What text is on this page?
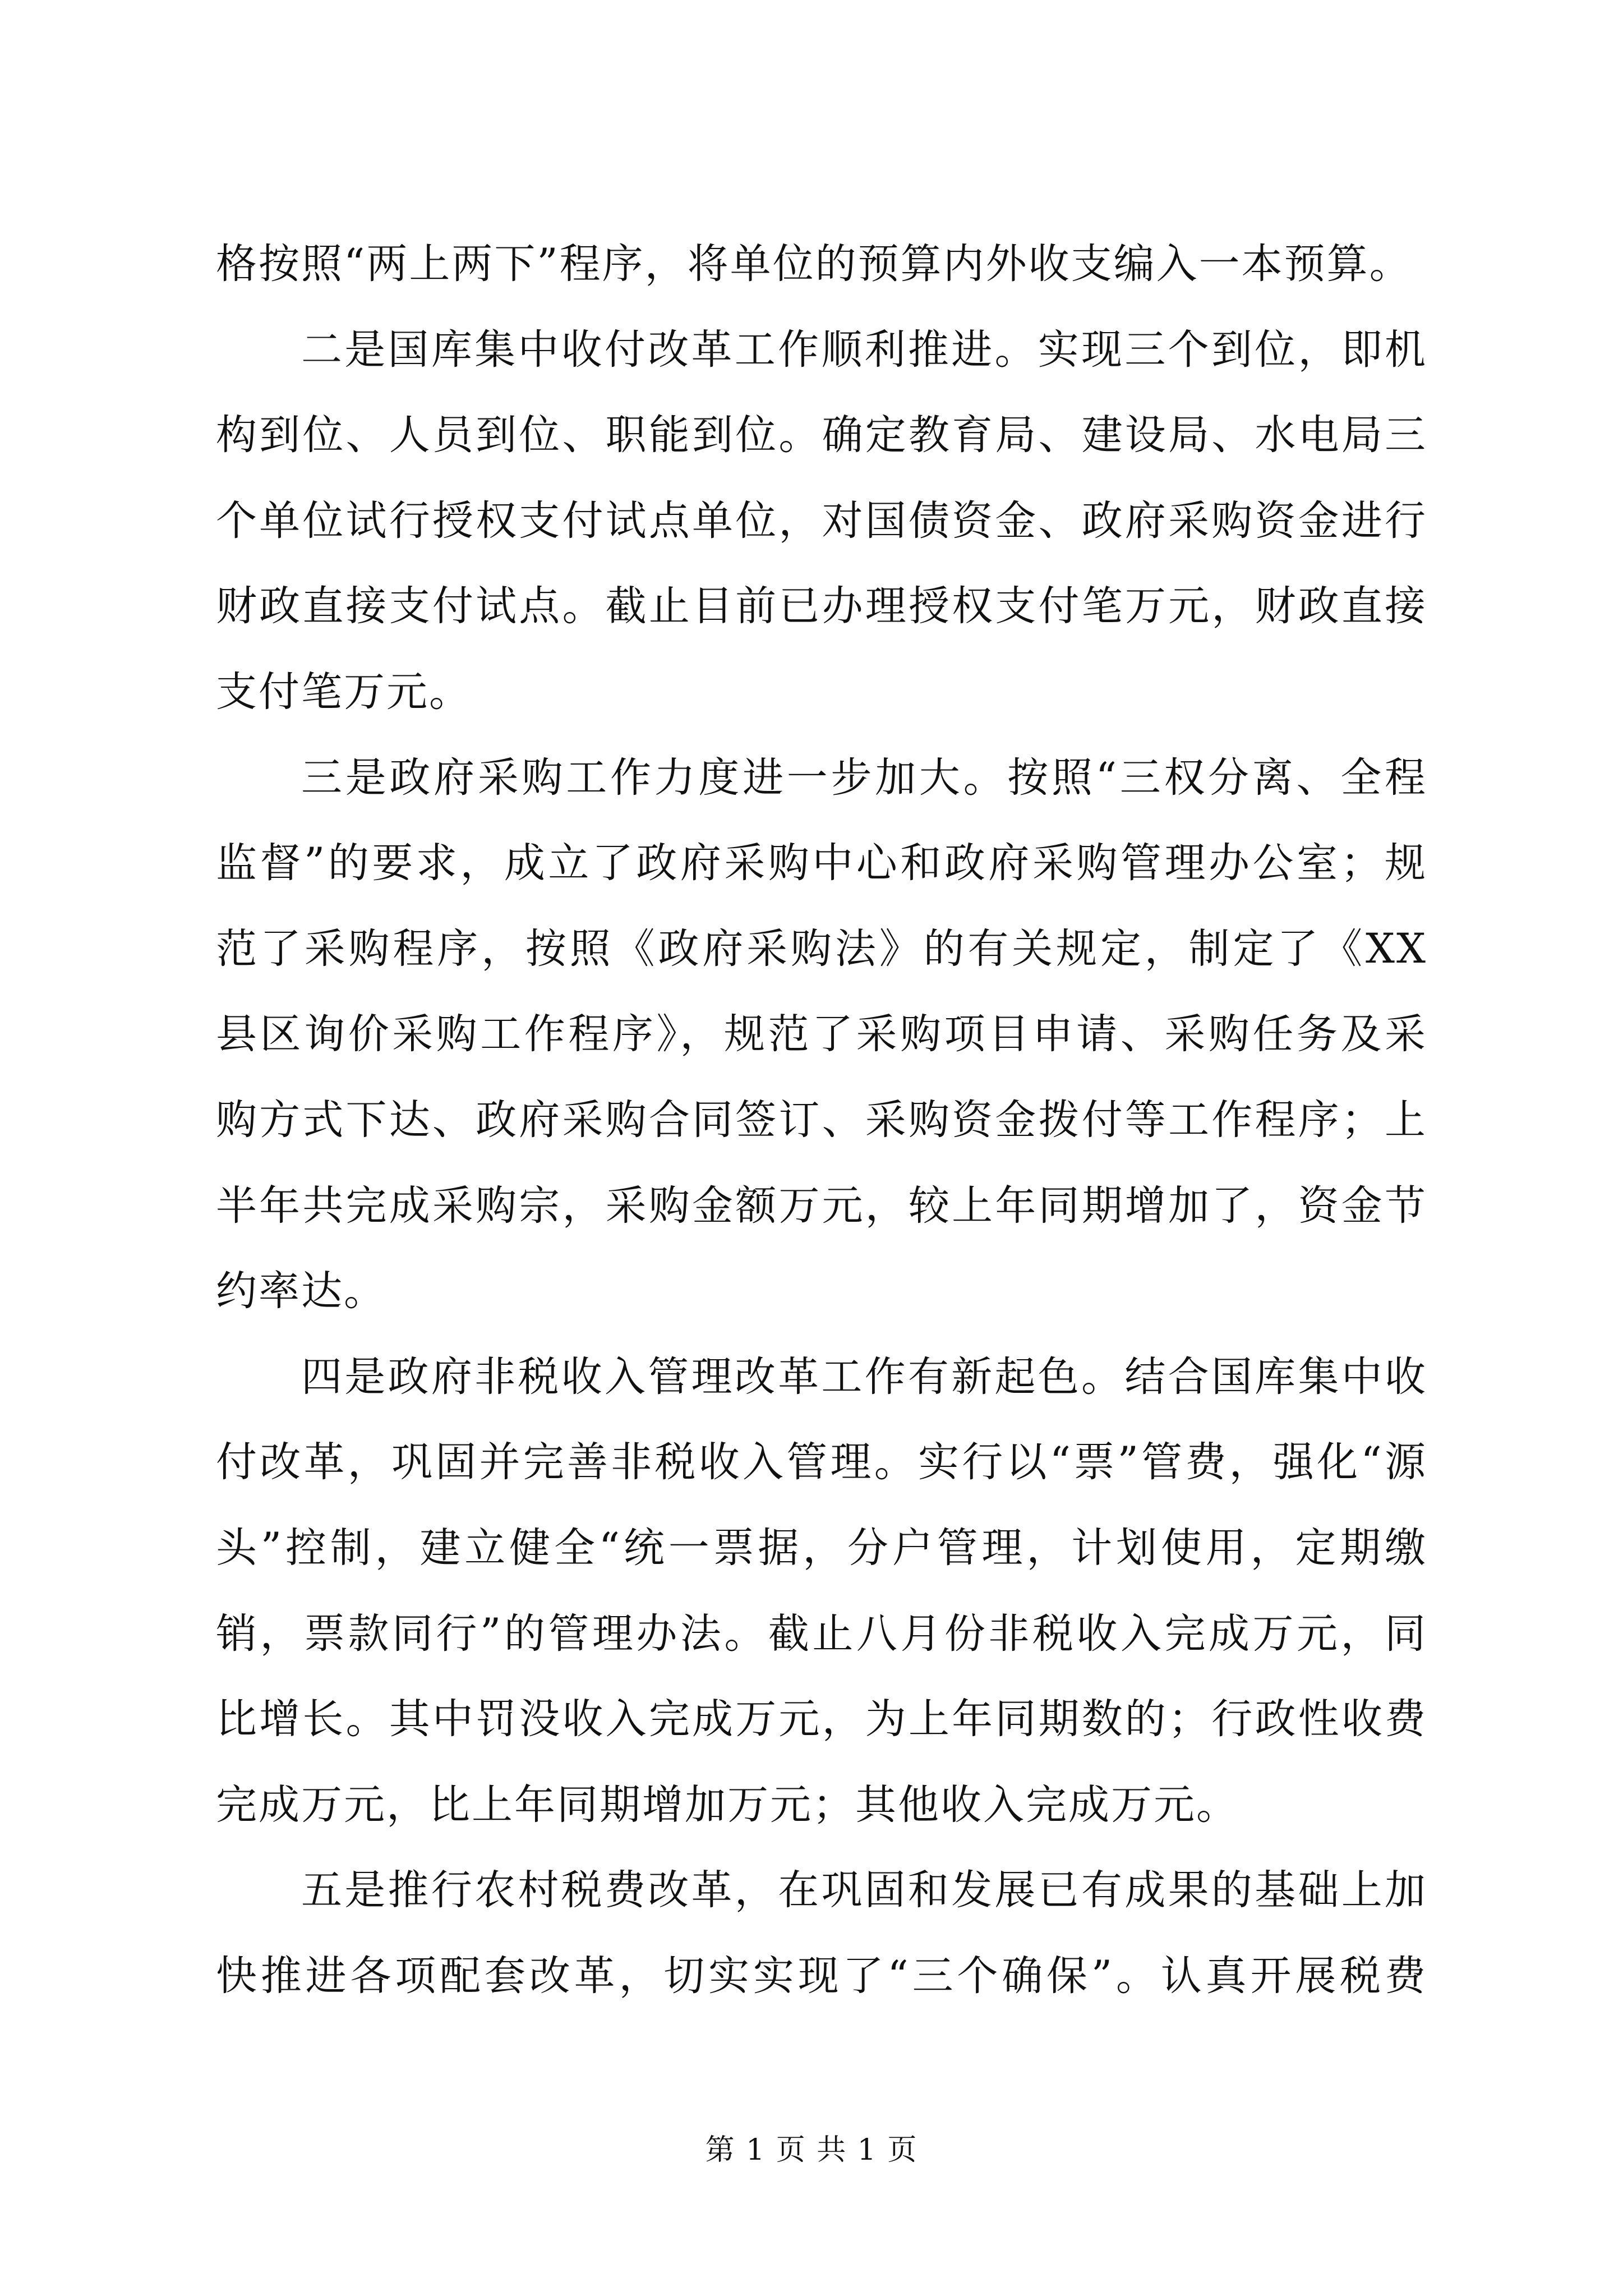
格按照“两上两下”程序，将单位的预算内外收支编入一本预算。
二是国库集中收付改革工作顺利推进。实现三个到位，即机
构到位、人员到位、职能到位。确定教育局、建设局、水电局三
个单位试行授权支付试点单位，对国债资金、政府采购资金进行
财政直接支付试点。截止目前已办理授权支付笔万元，财政直接
支付笔万元。
三是政府采购工作力度进一步加大。按照“三权分离、全程
监督”的要求，成立了政府采购中心和政府采购管理办公室；规
范了采购程序，按照《政府采购法》的有关规定，制定了《XX
县区询价采购工作程序》，规范了采购项目申请、采购任务及采
购方式下达、政府采购合同签订、采购资金拨付等工作程序；上
半年共完成采购宗，采购金额万元，较上年同期增加了，资金节
约率达。
四是政府非税收入管理改革工作有新起色。结合国库集中收
付改革，巩固并完善非税收入管理。实行以“票”管费，强化“源
头”控制，建立健全“统一票据，分户管理，计划使用，定期缴
销，票款同行”的管理办法。截止八月份非税收入完成万元，同
比增长。其中罚没收入完成万元，为上年同期数的；行政性收费
完成万元，比上年同期增加万元；其他收入完成万元。
五是推行农村税费改革，在巩固和发展已有成果的基础上加
快推进各项配套改革，切实实现了“三个确保”。认真开展税费
第 1 页 共 1 页
